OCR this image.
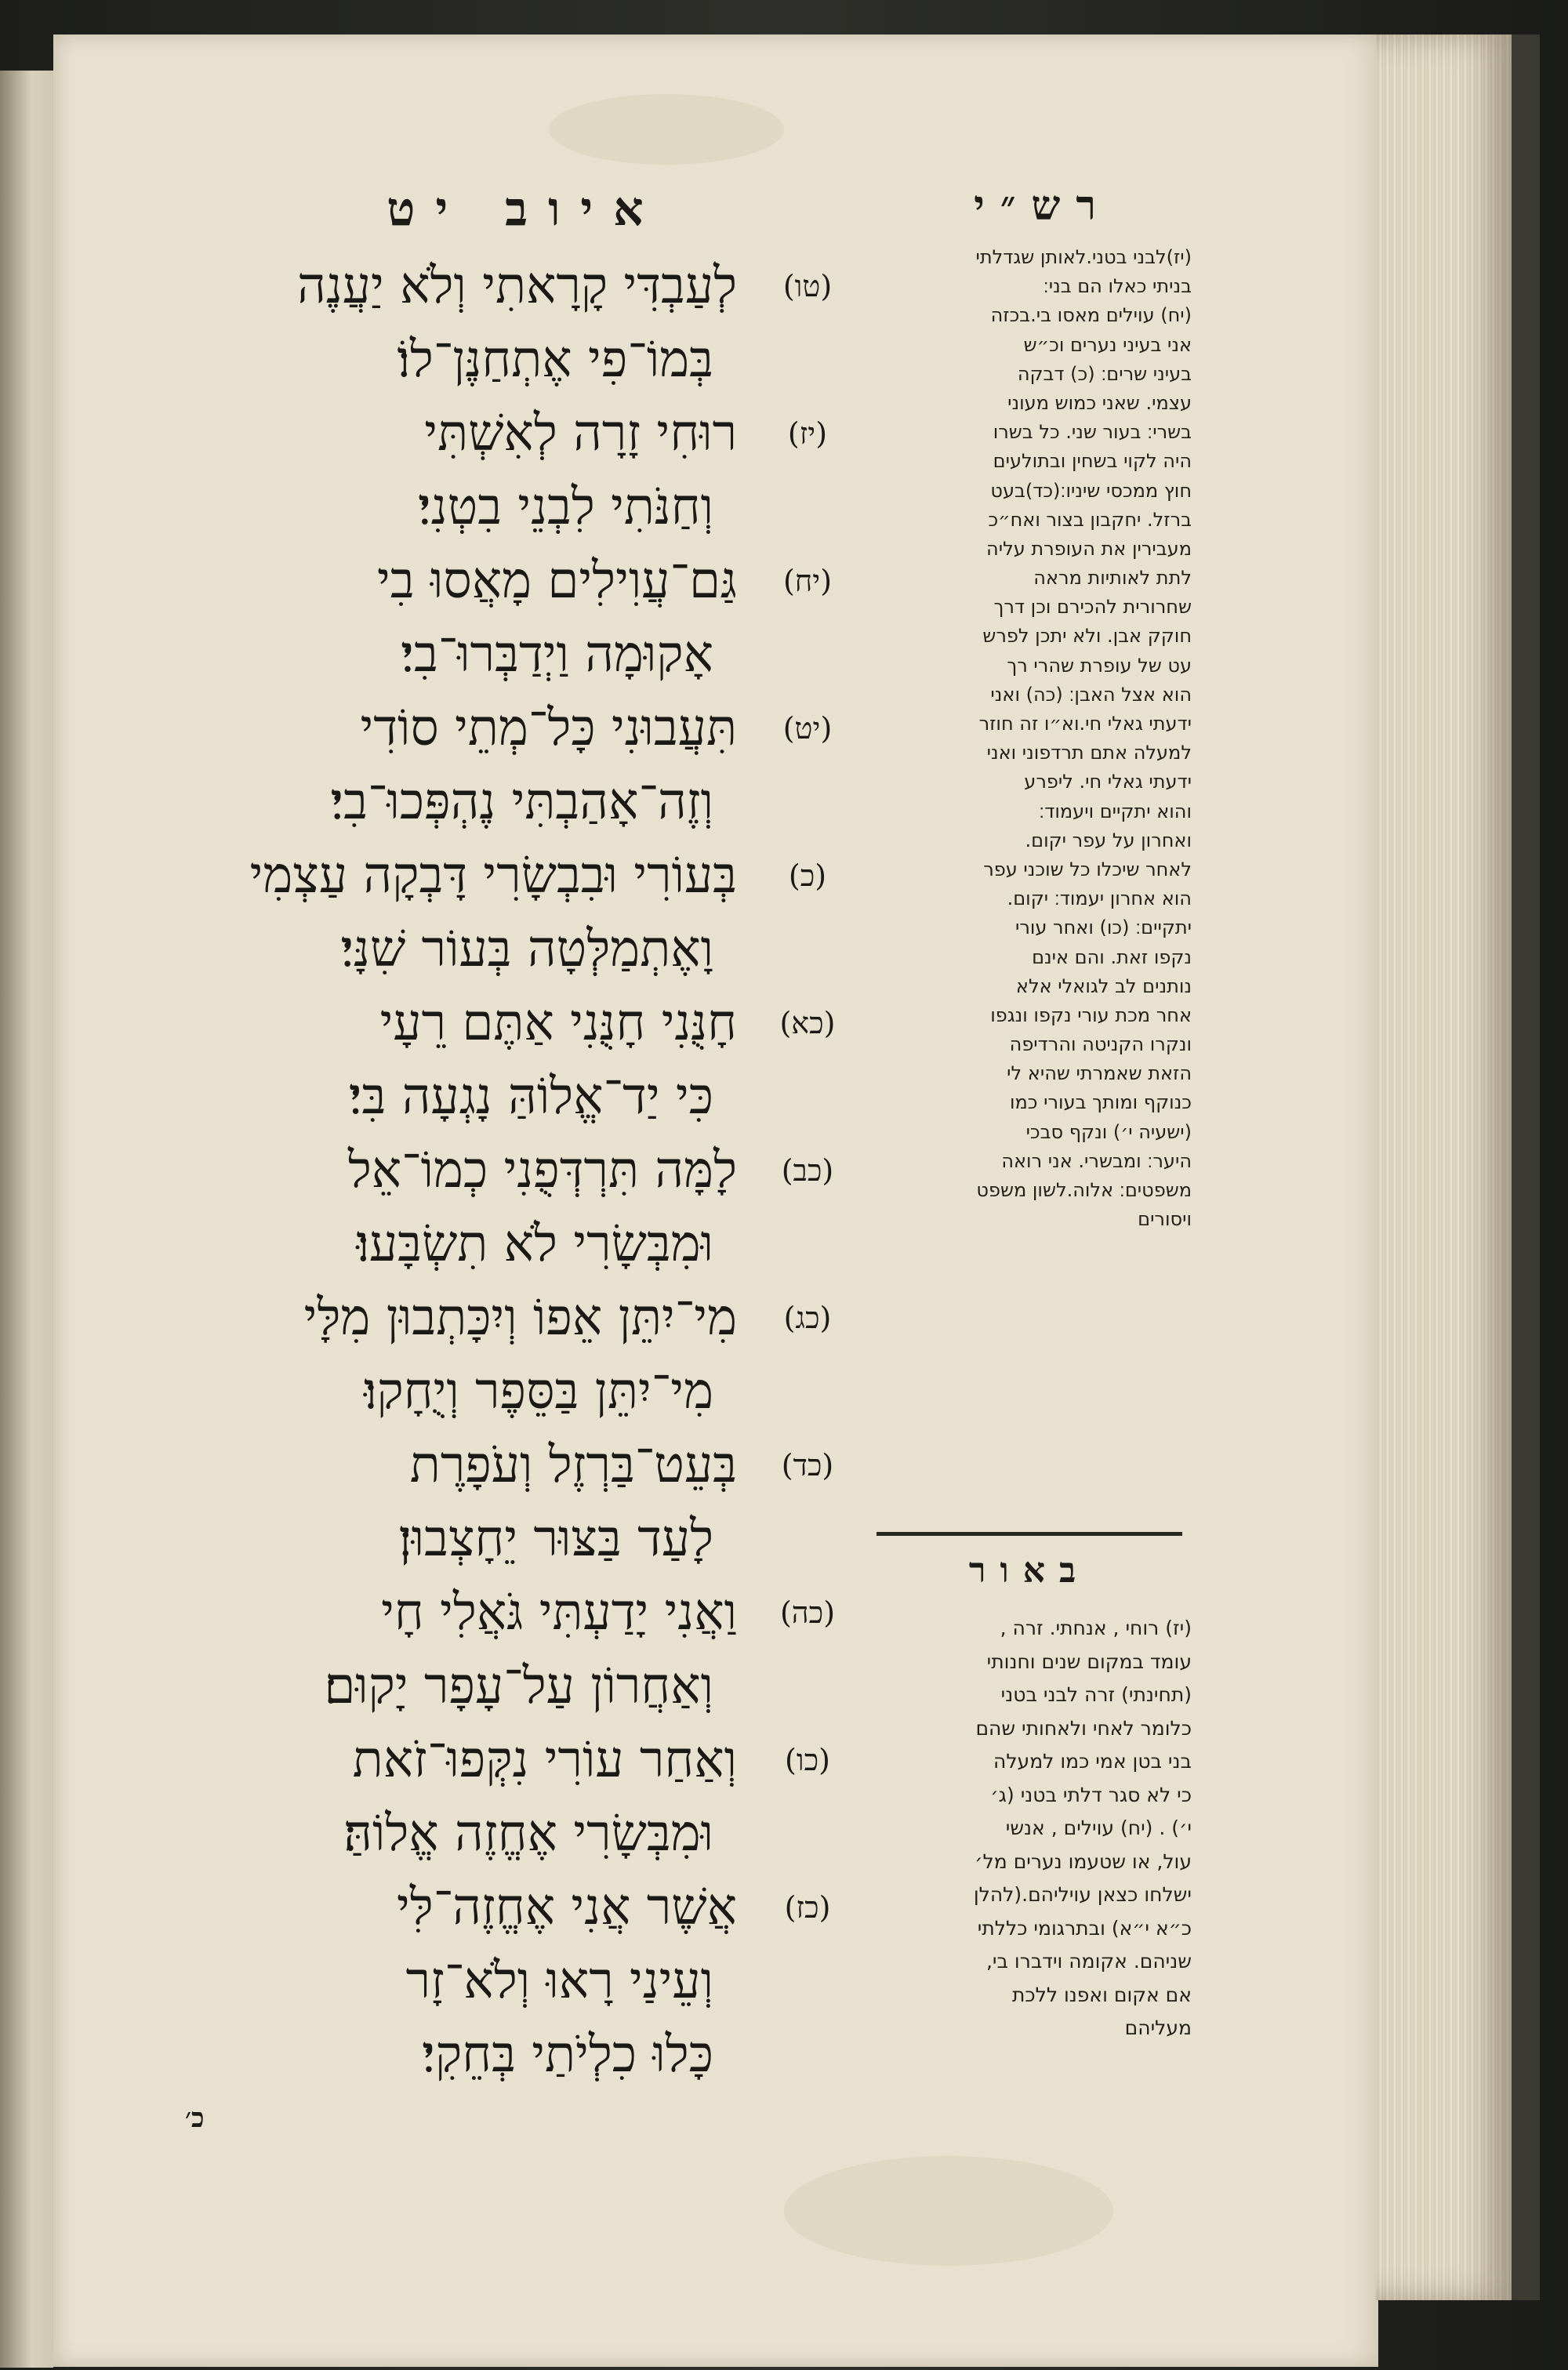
איוב יט	רש״י
(טו)
לְעַבְדִּי קָרָאתִי וְלֹא יַעֲנֶה
בְּמוֹ־פִי אֶתְחַנֶּן־לוֹ׃
(יז)
רוּחִי זָרָה לְאִשְׁתִּי
וְחַנֹּתִי לִבְנֵי בִטְנִי׃
(יח)
גַּם־עֲוִילִים מָאֲסוּ בִי
אָקוּמָה וַיְדַבְּרוּ־בִי׃
(יט)
תִּעֲבוּנִי כָּל־מְתֵי סוֹדִי
וְזֶה־אָהַבְתִּי נֶהְפְּכוּ־בִי׃
(כ)
בְּעוֹרִי וּבִבְשָׂרִי דָּבְקָה עַצְמִי
וָאֶתְמַלְּטָה בְּעוֹר שִׁנָּי׃
(כא)
חָנֻּנִי חָנֻּנִי אַתֶּם רֵעָי
כִּי יַד־אֱלוֹהַּ נָגְעָה בִּי׃
(כב)
לָמָּה תִּרְדְּפֻנִי כְמוֹ־אֵל
וּמִבְּשָׂרִי לֹא תִשְׂבָּעוּ׃
(כג)
מִי־יִתֵּן אֵפוֹ וְיִכָּתְבוּן מִלָּי
מִי־יִתֵּן בַּסֵּפֶר וְיֻחָקוּ׃
(כד)
בְּעֵט־בַּרְזֶל וְעֹפָרֶת
לָעַד בַּצּוּר יֵחָצְבוּן׃
(כה)
וַאֲנִי יָדַעְתִּי גֹּאֲלִי חָי
וְאַחֲרוֹן עַל־עָפָר יָקוּם׃
(כו)
וְאַחַר עוֹרִי נִקְּפוּ־זֹאת
וּמִבְּשָׂרִי אֶחֱזֶה אֱלוֹהַּ׃
(כז)
אֲשֶׁר אֲנִי אֶחֱזֶה־לִּי
וְעֵינַי רָאוּ וְלֹא־זָר
כָּלוּ כִלְיֹתַי בְּחֵקִי׃
(יז)לבני בטני.לאותן שגדלתי
בניתי כאלו הם בני׃
(יח) עוילים מאסו בי.בכזה
אני בעיני נערים וכ״ש
בעיני שרים׃ (כ) דבקה
עצמי. שאני כמוש מעוני
בשרי׃ בעור שני. כל בשרו
היה לקוי בשחין ובתולעים
חוץ ממכסי שיניו׃(כד)בעט
ברזל. יחקבון בצור ואח״כ
מעבירין את העופרת עליה
לתת לאותיות מראה
שחרורית להכירם וכן דרך
חוקק אבן. ולא יתכן לפרש
עט של עופרת שהרי רך
הוא אצל האבן׃ (כה) ואני
ידעתי גאלי חי.וא״ו זה חוזר
למעלה אתם תרדפוני ואני
ידעתי גאלי חי. ליפרע
והוא יתקיים ויעמוד׃
ואחרון על עפר יקום.
לאחר שיכלו כל שוכני עפר
הוא אחרון יעמוד׃ יקום.
יתקיים׃ (כו) ואחר עורי
נקפו זאת. והם אינם
נותנים לב לגואלי אלא
אחר מכת עורי נקפו ונגפו
ונקרו הקניטה והרדיפה
הזאת שאמרתי שהיא לי
כנוקף ומותך בעורי כמו
(ישעיה י׳) ונקף סבכי
היער׃ ומבשרי. אני רואה
משפטים׃ אלוה.לשון משפט
ויסורים
באור
(יז) רוחי , אנחתי. זרה ,
עומד במקום שנים וחנותי
(תחינתי) זרה לבני בטני
כלומר לאחי ולאחותי שהם
בני בטן אמי כמו למעלה
כי לא סגר דלתי בטני (ג׳
י׳) . (יח) עוילים , אנשי
עול, או שטעמו נערים מל׳
ישלחו כצאן עויליהם.(להלן
כ״א י״א) ובתרגומי כללתי
שניהם. אקומה וידברו בי,
אם אקום ואפנו ללכת
מעליהם
כ׳
